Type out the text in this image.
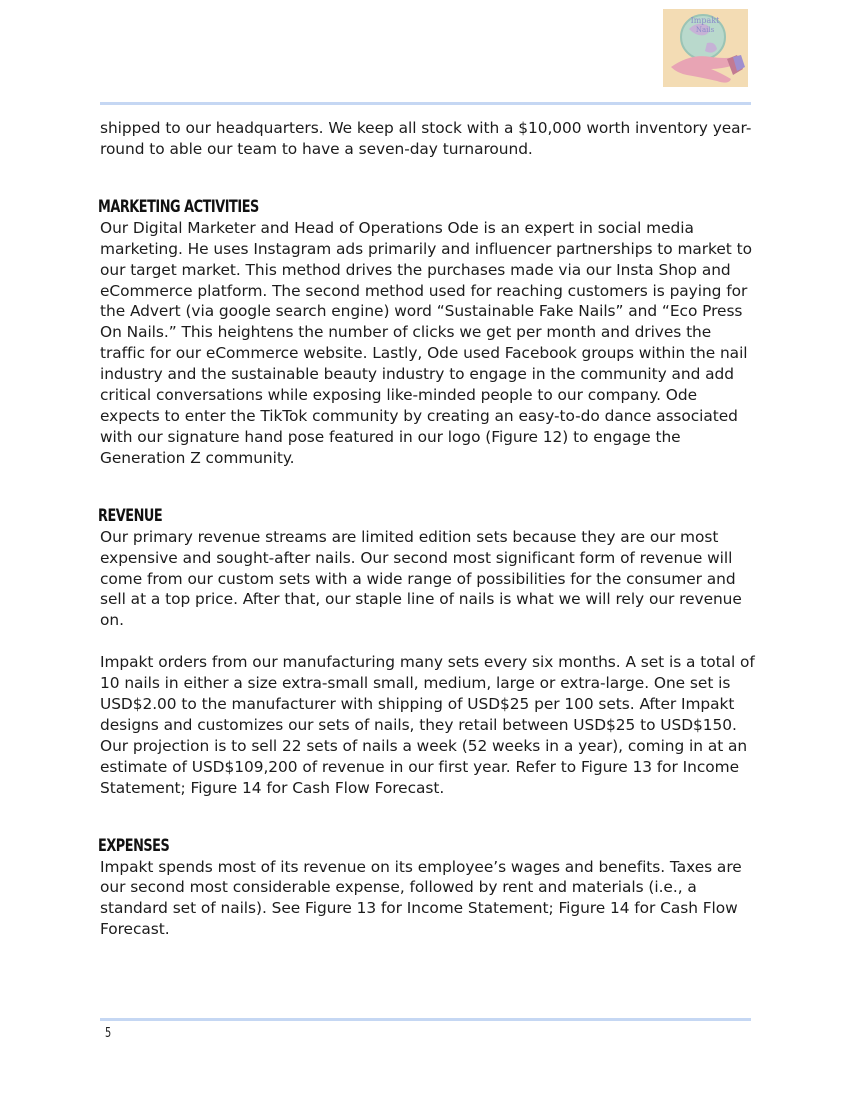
Impakt
Nails

shipped to our headquarters. We keep all stock with a $10,000 worth inventory year-round to able our team to have a seven-day turnaround.

MARKETING ACTIVITIES

Our Digital Marketer and Head of Operations Ode is an expert in social media marketing. He uses Instagram ads primarily and influencer partnerships to market to our target market. This method drives the purchases made via our Insta Shop and eCommerce platform. The second method used for reaching customers is paying for the Advert (via google search engine) word “Sustainable Fake Nails” and “Eco Press On Nails.” This heightens the number of clicks we get per month and drives the traffic for our eCommerce website. Lastly, Ode used Facebook groups within the nail industry and the sustainable beauty industry to engage in the community and add critical conversations while exposing like-minded people to our company. Ode expects to enter the TikTok community by creating an easy-to-do dance associated with our signature hand pose featured in our logo (Figure 12) to engage the Generation Z community.

REVENUE

Our primary revenue streams are limited edition sets because they are our most expensive and sought-after nails. Our second most significant form of revenue will come from our custom sets with a wide range of possibilities for the consumer and sell at a top price. After that, our staple line of nails is what we will rely our revenue on.

Impakt orders from our manufacturing many sets every six months. A set is a total of 10 nails in either a size extra-small small, medium, large or extra-large. One set is USD$2.00 to the manufacturer with shipping of USD$25 per 100 sets. After Impakt designs and customizes our sets of nails, they retail between USD$25 to USD$150. Our projection is to sell 22 sets of nails a week (52 weeks in a year), coming in at an estimate of USD$109,200 of revenue in our first year. Refer to Figure 13 for Income Statement; Figure 14 for Cash Flow Forecast.

EXPENSES

Impakt spends most of its revenue on its employee’s wages and benefits. Taxes are our second most considerable expense, followed by rent and materials (i.e., a standard set of nails). See Figure 13 for Income Statement; Figure 14 for Cash Flow Forecast.

5
